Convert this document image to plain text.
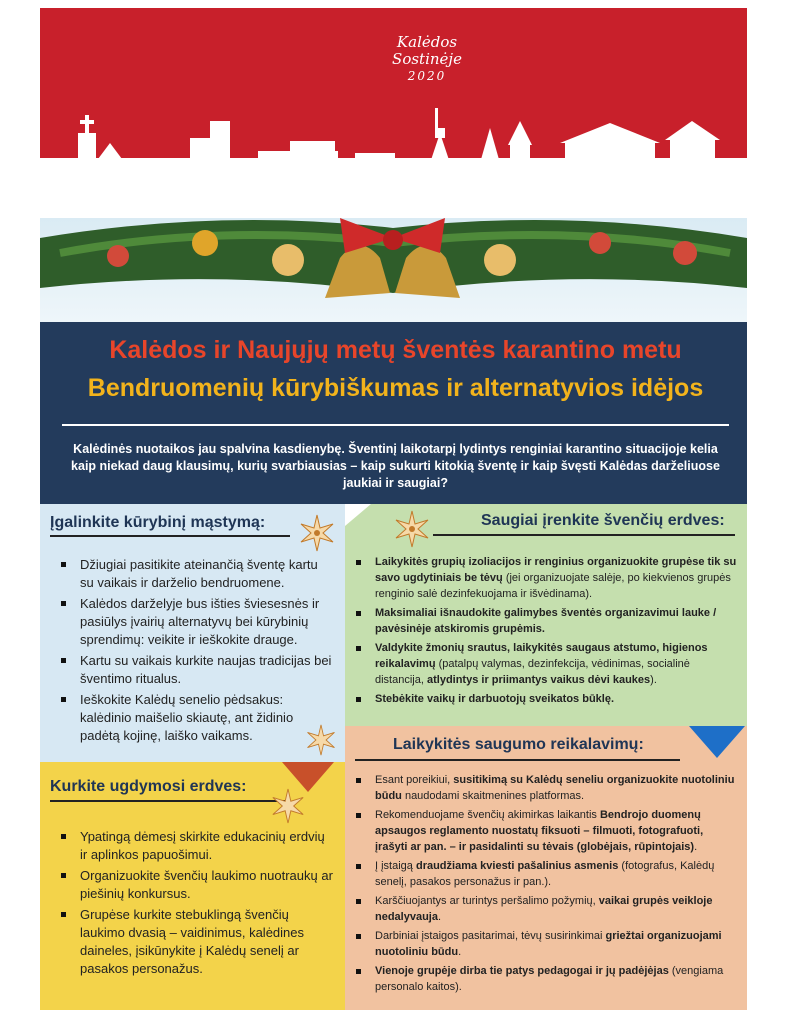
Kalėdos
Sostinėje
2020
Kalėdos ir Naujųjų metų šventės karantino metu
Bendruomenių kūrybiškumas ir alternatyvios idėjos
Kalėdinės nuotaikos jau spalvina kasdienybę. Šventinį laikotarpį lydintys renginiai karantino situacijoje kelia kaip niekad daug klausimų, kurių svarbiausias – kaip sukurti kitokią šventę ir kaip švęsti Kalėdas darželiuose jaukiai ir saugiai?
Įgalinkite kūrybinį mąstymą:
Džiugiai pasitikite ateinančią šventę kartu su vaikais ir darželio bendruomene.
Kalėdos darželyje bus išties šviesesnės ir pasiūlys įvairių alternatyvų bei kūrybinių sprendimų: veikite ir ieškokite drauge.
Kartu su vaikais kurkite naujas tradicijas bei šventimo ritualus.
Ieškokite Kalėdų senelio pėdsakus: kalėdinio maišelio skiautę, ant židinio padėtą kojinę, laiško vaikams.
Saugiai įrenkite švenčių erdves:
Laikykitės grupių izoliacijos ir renginius organizuokite grupėse tik su savo ugdytiniais be tėvų (jei organizuojate salėje, po kiekvienos grupės renginio salė dezinfekuojama ir išvėdinama).
Maksimaliai išnaudokite galimybes šventės organizavimui lauke / pavėsinėje atskiromis grupėmis.
Valdykite žmonių srautus, laikykitės saugaus atstumo, higienos reikalavimų (patalpų valymas, dezinfekcija, vėdinimas, socialinė distancija, atlydintys ir priimantys vaikus dėvi kaukes).
Stebėkite vaikų ir darbuotojų sveikatos būklę.
Kurkite ugdymosi erdves:
Ypatingą dėmesį skirkite edukacinių erdvių ir aplinkos papuošimui.
Organizuokite švenčių laukimo nuotraukų ar piešinių konkursus.
Grupėse kurkite stebuklingą švenčių laukimo dvasią – vaidinimus, kalėdines daineles, įsikūnykite į Kalėdų senelį ar pasakos personažus.
Laikykitės saugumo reikalavimų:
Esant poreikiui, susitikimą su Kalėdų seneliu organizuokite nuotoliniu būdu naudodami skaitmenines platformas.
Rekomenduojame švenčių akimirkas laikantis Bendrojo duomenų apsaugos reglamento nuostatų fiksuoti – filmuoti, fotografuoti, įrašyti ar pan. – ir pasidalinti su tėvais (globėjais, rūpintojais).
Į įstaigą draudžiama kviesti pašalinius asmenis (fotografus, Kalėdų senelį, pasakos personažus ir pan.).
Karščiuojantys ar turintys peršalimo požymių, vaikai grupės veikloje nedalyvauja.
Darbiniai įstaigos pasitarimai, tėvų susirinkimai griežtai organizuojami nuotoliniu būdu.
Vienoje grupėje dirba tie patys pedagogai ir jų padėjėjas (vengiama personalo kaitos).
